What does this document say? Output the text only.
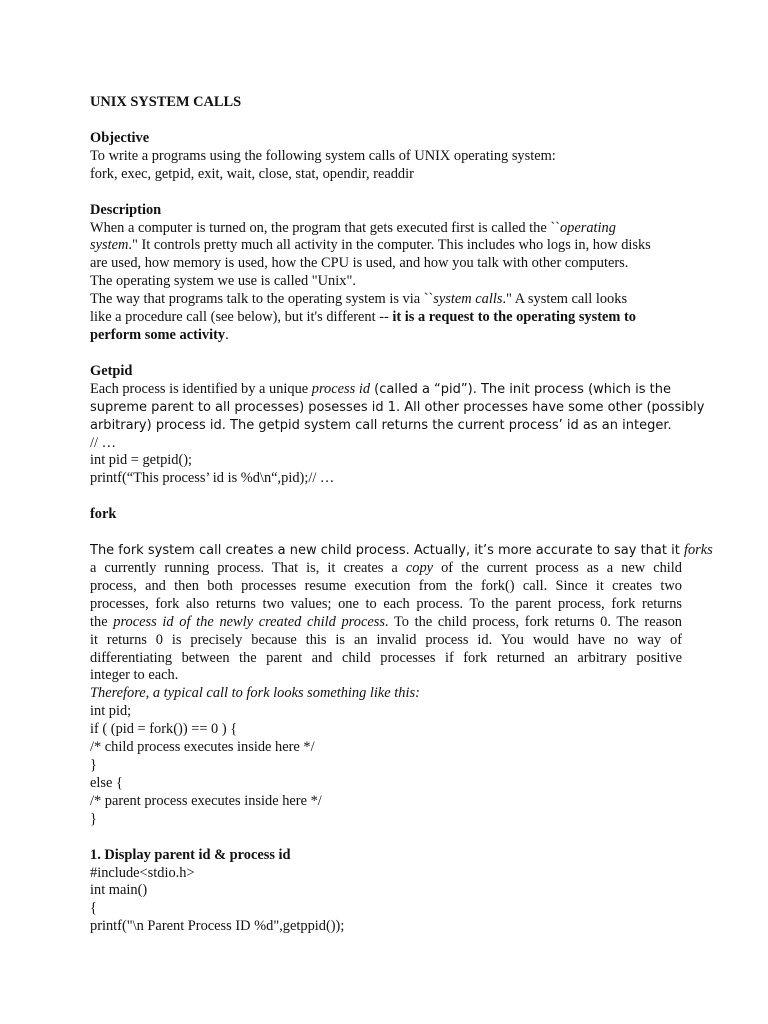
UNIX SYSTEM CALLS
Objective
To write a programs using the following system calls of UNIX operating system:
fork, exec, getpid, exit, wait, close, stat, opendir, readdir
Description
When a computer is turned on, the program that gets executed first is called the ``operating
system." It controls pretty much all activity in the computer. This includes who logs in, how disks
are used, how memory is used, how the CPU is used, and how you talk with other computers.
The operating system we use is called "Unix".
The way that programs talk to the operating system is via ``system calls." A system call looks
like a procedure call (see below), but it's different -- it is a request to the operating system to
perform some activity.
Getpid
Each process is identified by a unique process id (called a “pid”). The init process (which is the
supreme parent to all processes) posesses id 1. All other processes have some other (possibly
arbitrary) process id. The getpid system call returns the current process’ id as an integer.
// …
int pid = getpid();
printf(“This process’ id is %d\n“,pid);// …
fork
The fork system call creates a new child process. Actually, it’s more accurate to say that it forks
a currently running process. That is, it creates a copy of the current process as a new child
process, and then both processes resume execution from the fork() call. Since it creates two
processes, fork also returns two values; one to each process. To the parent process, fork returns
the process id of the newly created child process. To the child process, fork returns 0. The reason
it returns 0 is precisely because this is an invalid process id. You would have no way of
differentiating between the parent and child processes if fork returned an arbitrary positive
integer to each.
Therefore, a typical call to fork looks something like this:
int pid;
if ( (pid = fork()) == 0 ) {
/* child process executes inside here */
}
else {
/* parent process executes inside here */
}
1. Display parent id & process id
#include<stdio.h>
int main()
{
printf("\n Parent Process ID %d",getppid());
